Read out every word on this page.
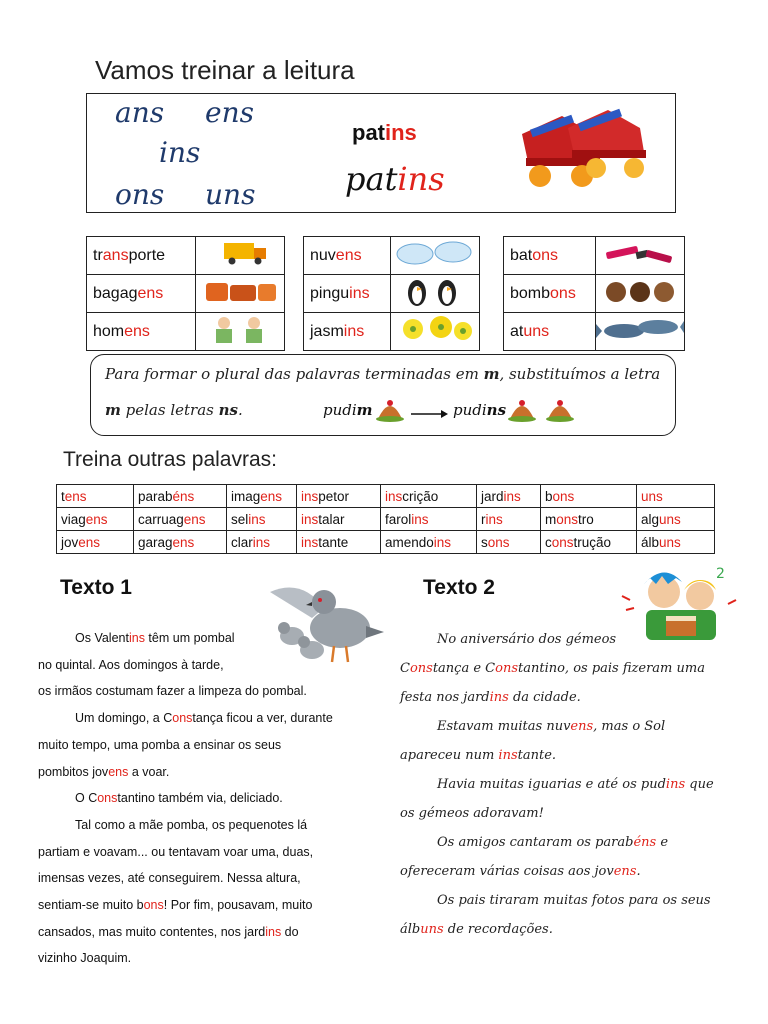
Vamos treinar a leitura
ans ens
ins
ons uns
patins
patins
transporte	
bagagens	
homens	
nuvens	
pinguins	
jasmins	
batons	
bombons	
atuns	
Para formar o plural das palavras terminadas em m, substituímos a letra
m pelas letras ns.	pudim	pudins
Treina outras palavras:
tens	parabéns	imagens	inspetor	inscrição	jardins	bons	uns
viagens	carruagens	selins	instalar	farolins	rins	monstro	alguns
jovens	garagens	clarins	instante	amendoins	sons	construção	álbuns
Texto 1

Os Valentins têm um pombal

no quintal. Aos domingos à tarde,

os irmãos costumam fazer a limpeza do pombal.

Um domingo, a Constança ficou a ver, durante

muito tempo, uma pomba a ensinar os seus

pombitos jovens a voar.

O Constantino também via, deliciado.

Tal como a mãe pomba, os pequenotes lá

partiam e voavam... ou tentavam voar uma, duas,

imensas vezes, até conseguirem. Nessa altura,

sentiam-se muito bons! Por fim, pousavam, muito

cansados, mas muito contentes, nos jardins do

vizinho Joaquim.

Texto 2
2

No aniversário dos gémeos

Constança e Constantino, os pais fizeram uma

festa nos jardins da cidade.

Estavam muitas nuvens, mas o Sol

apareceu num instante.

Havia muitas iguarias e até os pudins que

os gémeos adoravam!

Os amigos cantaram os parabéns e

ofereceram várias coisas aos jovens.

Os pais tiraram muitas fotos para os seus

álbuns de recordações.
